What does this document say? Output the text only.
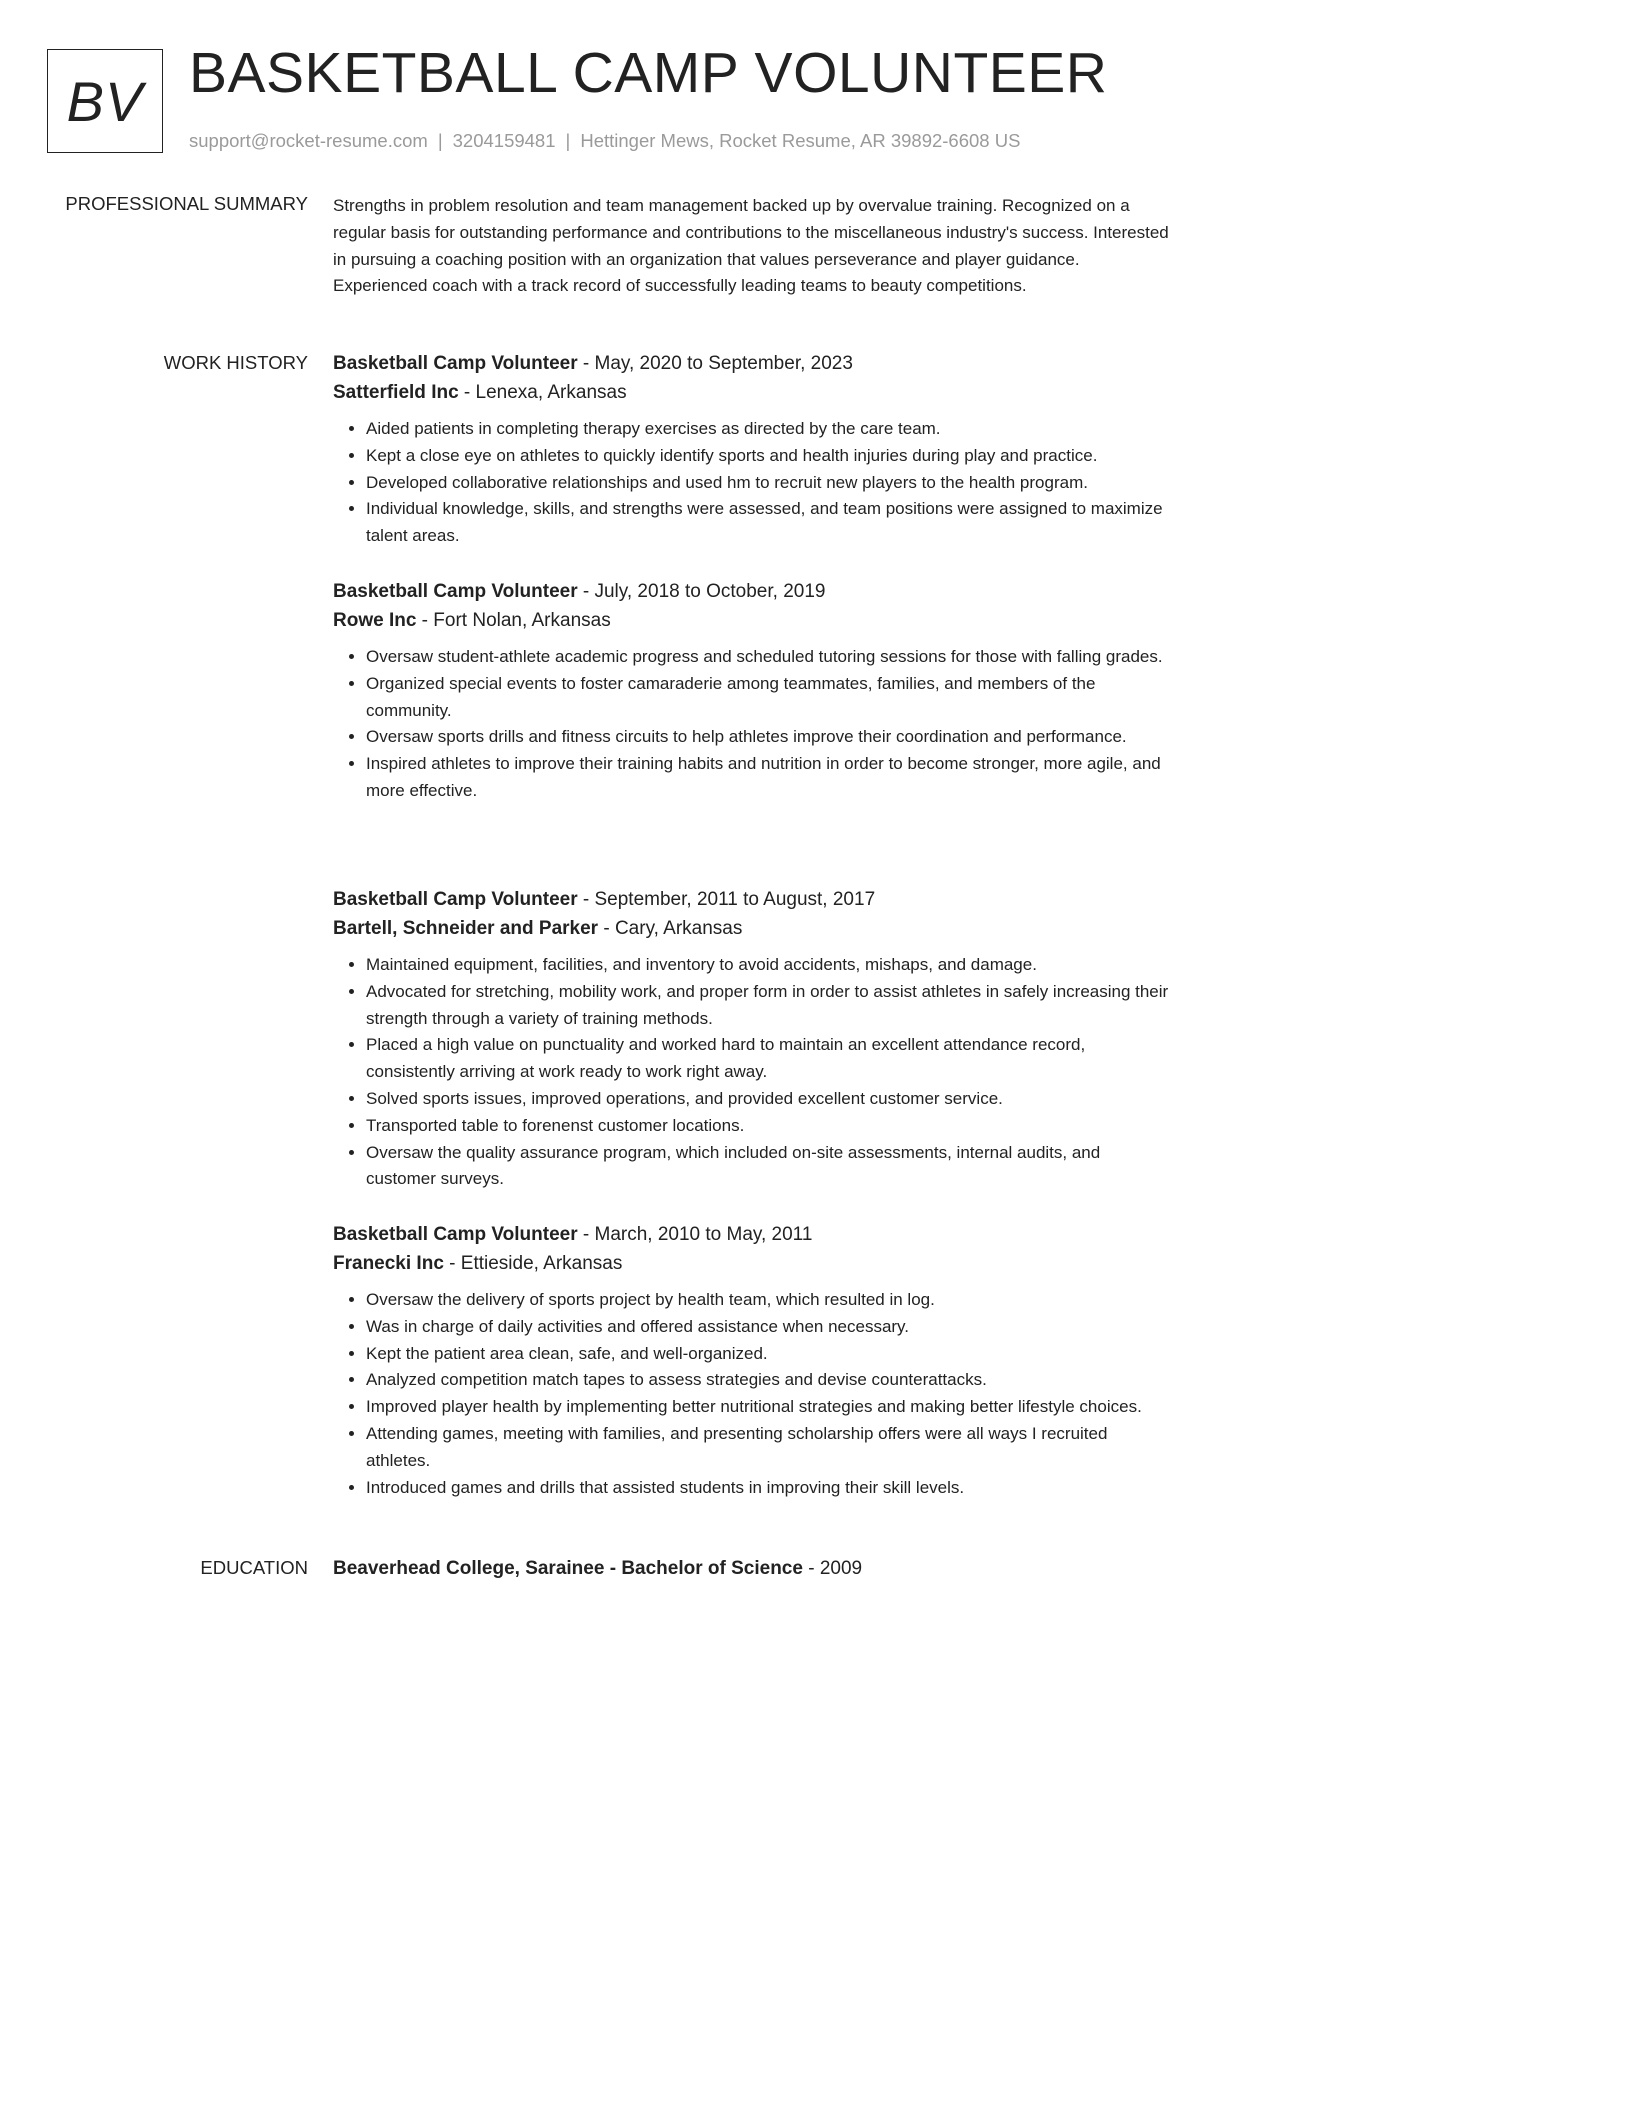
BV BASKETBALL CAMP VOLUNTEER
support@rocket-resume.com | 3204159481 | Hettinger Mews, Rocket Resume, AR 39892-6608 US
PROFESSIONAL SUMMARY Strengths in problem resolution and team management backed up by overvalue training. Recognized on a regular basis for outstanding performance and contributions to the miscellaneous industry's success. Interested in pursuing a coaching position with an organization that values perseverance and player guidance. Experienced coach with a track record of successfully leading teams to beauty competitions.
WORK HISTORY Basketball Camp Volunteer - May, 2020 to September, 2023
Satterfield Inc - Lenexa, Arkansas
• Aided patients in completing therapy exercises as directed by the care team.
• Kept a close eye on athletes to quickly identify sports and health injuries during play and practice.
• Developed collaborative relationships and used hm to recruit new players to the health program.
• Individual knowledge, skills, and strengths were assessed, and team positions were assigned to maximize talent areas.
Basketball Camp Volunteer - July, 2018 to October, 2019
Rowe Inc - Fort Nolan, Arkansas
• Oversaw student-athlete academic progress and scheduled tutoring sessions for those with falling grades.
• Organized special events to foster camaraderie among teammates, families, and members of the community.
• Oversaw sports drills and fitness circuits to help athletes improve their coordination and performance.
• Inspired athletes to improve their training habits and nutrition in order to become stronger, more agile, and more effective.
Basketball Camp Volunteer - September, 2011 to August, 2017
Bartell, Schneider and Parker - Cary, Arkansas
• Maintained equipment, facilities, and inventory to avoid accidents, mishaps, and damage.
• Advocated for stretching, mobility work, and proper form in order to assist athletes in safely increasing their strength through a variety of training methods.
• Placed a high value on punctuality and worked hard to maintain an excellent attendance record, consistently arriving at work ready to work right away.
• Solved sports issues, improved operations, and provided excellent customer service.
• Transported table to forenenst customer locations.
• Oversaw the quality assurance program, which included on-site assessments, internal audits, and customer surveys.
Basketball Camp Volunteer - March, 2010 to May, 2011
Franecki Inc - Ettieside, Arkansas
• Oversaw the delivery of sports project by health team, which resulted in log.
• Was in charge of daily activities and offered assistance when necessary.
• Kept the patient area clean, safe, and well-organized.
• Analyzed competition match tapes to assess strategies and devise counterattacks.
• Improved player health by implementing better nutritional strategies and making better lifestyle choices.
• Attending games, meeting with families, and presenting scholarship offers were all ways I recruited athletes.
• Introduced games and drills that assisted students in improving their skill levels.
EDUCATION Beaverhead College, Sarainee - Bachelor of Science - 2009
